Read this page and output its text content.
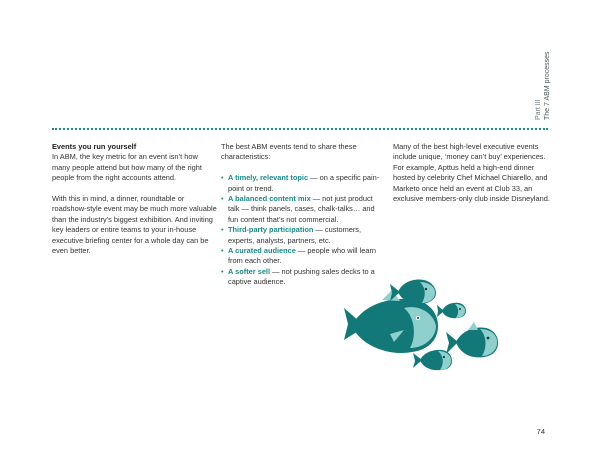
Part III The 7 ABM processes
Events you run yourself

In ABM, the key metric for an event isn’t how many people attend but how many of the right people from the right accounts attend.

With this in mind, a dinner, roundtable or roadshow-style event may be much more valuable than the industry’s biggest exhibition. And inviting key leaders or entire teams to your in-house executive briefing center for a whole day can be even better.

The best ABM events tend to share these characteristics:

• A timely, relevant topic — on a specific pain-point or trend.
• A balanced content mix — not just product talk — think panels, cases, chalk-talks… and fun content that’s not commercial.
• Third-party participation — customers, experts, analysts, partners, etc.
• A curated audience — people who will learn from each other.
• A softer sell — not pushing sales decks to a captive audience.

Many of the best high-level executive events include unique, ‘money can’t buy’ experiences. For example, Apttus held a high-end dinner hosted by celebrity Chef Michael Chiarello, and Marketo once held an event at Club 33, an exclusive members-only club inside Disneyland.

74
